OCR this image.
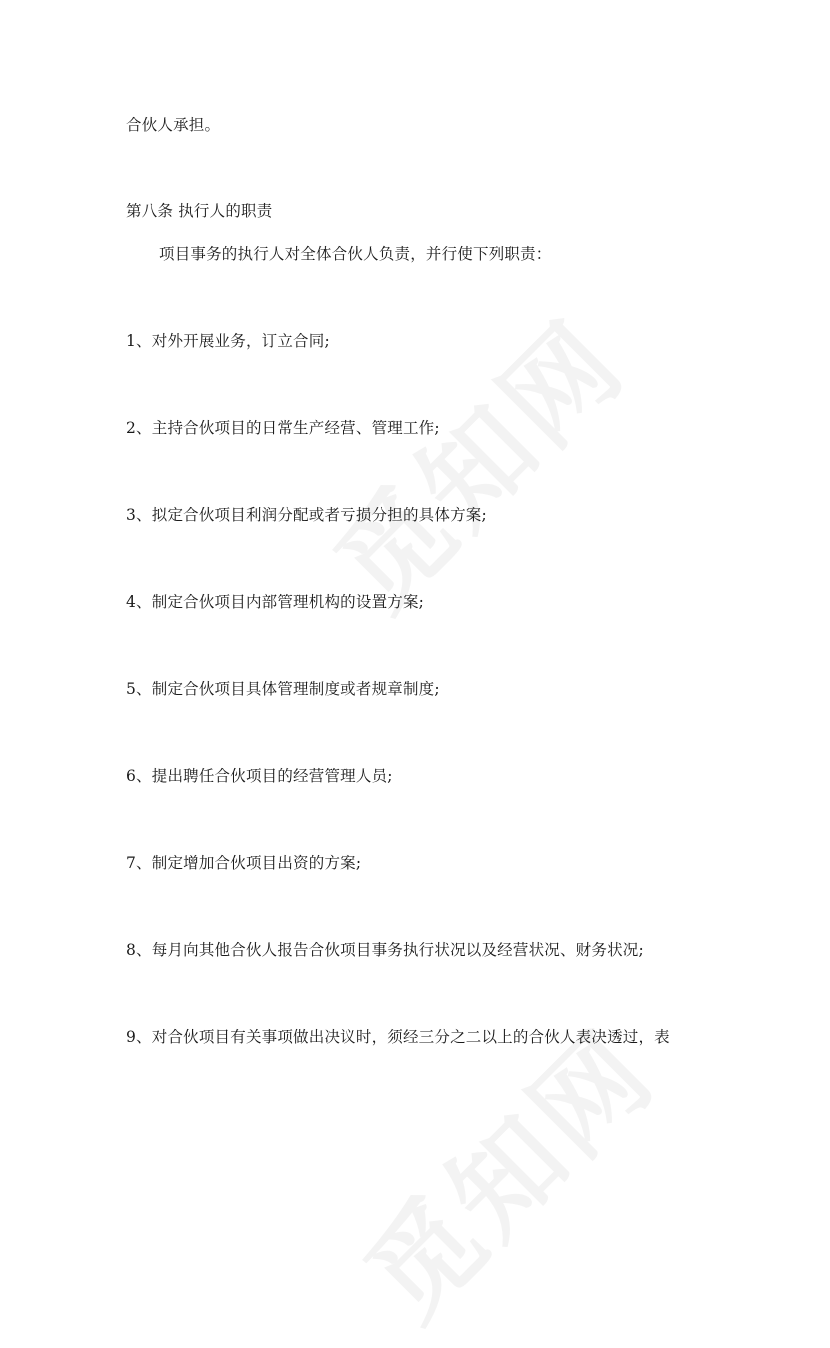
合伙人承担。
第八条 执行人的职责
项目事务的执行人对全体合伙人负责，并行使下列职责：
1、对外开展业务，订立合同;
2、主持合伙项目的日常生产经营、管理工作;
3、拟定合伙项目利润分配或者亏损分担的具体方案;
4、制定合伙项目内部管理机构的设置方案;
5、制定合伙项目具体管理制度或者规章制度;
6、提出聘任合伙项目的经营管理人员;
7、制定增加合伙项目出资的方案;
8、每月向其他合伙人报告合伙项目事务执行状况以及经营状况、财务状况;
9、对合伙项目有关事项做出决议时，须经三分之二以上的合伙人表决透过，表
